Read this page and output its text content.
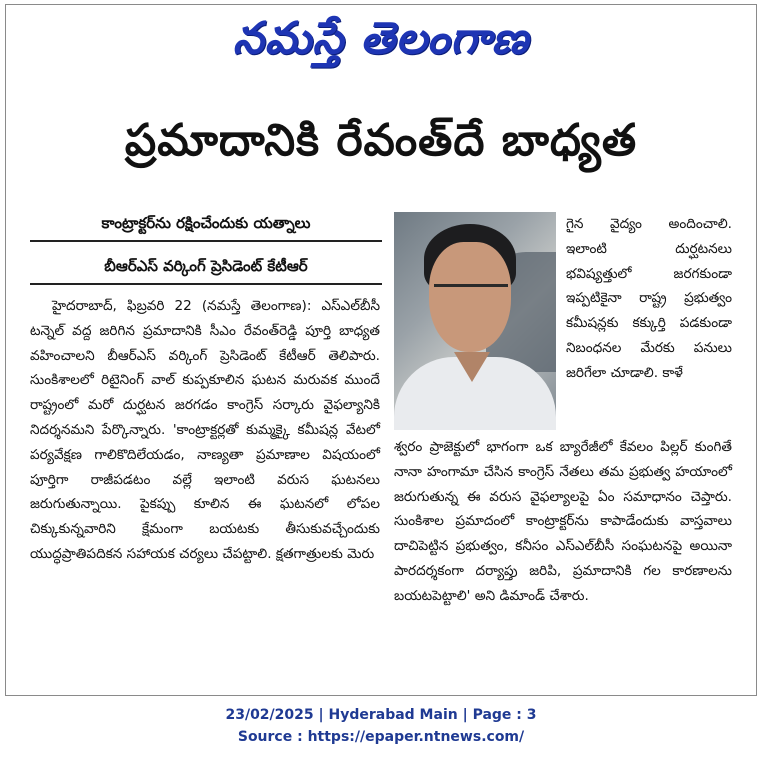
నమస్తే తెలంగాణ
ప్రమాదానికి రేవంత్‌దే బాధ్యత
కాంట్రాక్టర్‌ను రక్షించేందుకు యత్నాలు
బీఆర్‌ఎస్ వర్కింగ్ ప్రెసిడెంట్ కేటీఆర్

హైదరాబాద్, ఫిబ్రవరి 22 (నమస్తే తెలంగాణ): ఎస్‌ఎల్‌బీసీ టన్నెల్ వద్ద జరిగిన ప్రమాదానికి సీఎం రేవంత్‌రెడ్డి పూర్తి బాధ్యత వహించాలని బీఆర్‌ఎస్ వర్కింగ్ ప్రెసిడెంట్ కేటీఆర్ తెలిపారు. సుంకిశాలలో రిటైనింగ్ వాల్ కుప్పకూలిన ఘటన మరువక ముందే రాష్ట్రంలో మరో దుర్ఘటన జరగడం కాంగ్రెస్ సర్కారు వైఫల్యానికి నిదర్శనమని పేర్కొన్నారు. 'కాంట్రాక్టర్లతో కుమ్మక్కై కమీషన్ల వేటలో పర్యవేక్షణ గాలికొదిలేయడం, నాణ్యతా ప్రమాణాల విషయంలో పూర్తిగా రాజీపడటం వల్లే ఇలాంటి వరుస ఘటనలు జరుగుతున్నాయి. పైకప్పు కూలిన ఈ ఘటనలో లోపల చిక్కుకున్నవారిని క్షేమంగా బయటకు తీసుకువచ్చేందుకు యుద్ధప్రాతిపదికన సహాయక చర్యలు చేపట్టాలి. క్షతగాత్రులకు మెరు

గైన వైద్యం అందించాలి. ఇలాంటి దుర్ఘటనలు భవిష్యత్తులో జరగకుండా ఇప్పటికైనా రాష్ట్ర ప్రభుత్వం కమీషన్లకు కక్కుర్తి పడకుండా నిబంధనల మేరకు పనులు జరిగేలా చూడాలి. కాళే

శ్వరం ప్రాజెక్టులో భాగంగా ఒక బ్యారేజీలో కేవలం పిల్లర్ కుంగితే నానా హంగామా చేసిన కాంగ్రెస్ నేతలు తమ ప్రభుత్వ హయాంలో జరుగుతున్న ఈ వరుస వైఫల్యాలపై ఏం సమాధానం చెప్తారు. సుంకిశాల ప్రమాదంలో కాంట్రాక్టర్‌ను కాపాడేందుకు వాస్తవాలు దాచిపెట్టిన ప్రభుత్వం, కనీసం ఎస్‌ఎల్‌బీసీ సంఘటనపై అయినా పారదర్శకంగా దర్యాప్తు జరిపి, ప్రమాదానికి గల కారణాలను బయటపెట్టాలి' అని డిమాండ్ చేశారు.

23/02/2025 | Hyderabad Main | Page : 3
Source : https://epaper.ntnews.com/
